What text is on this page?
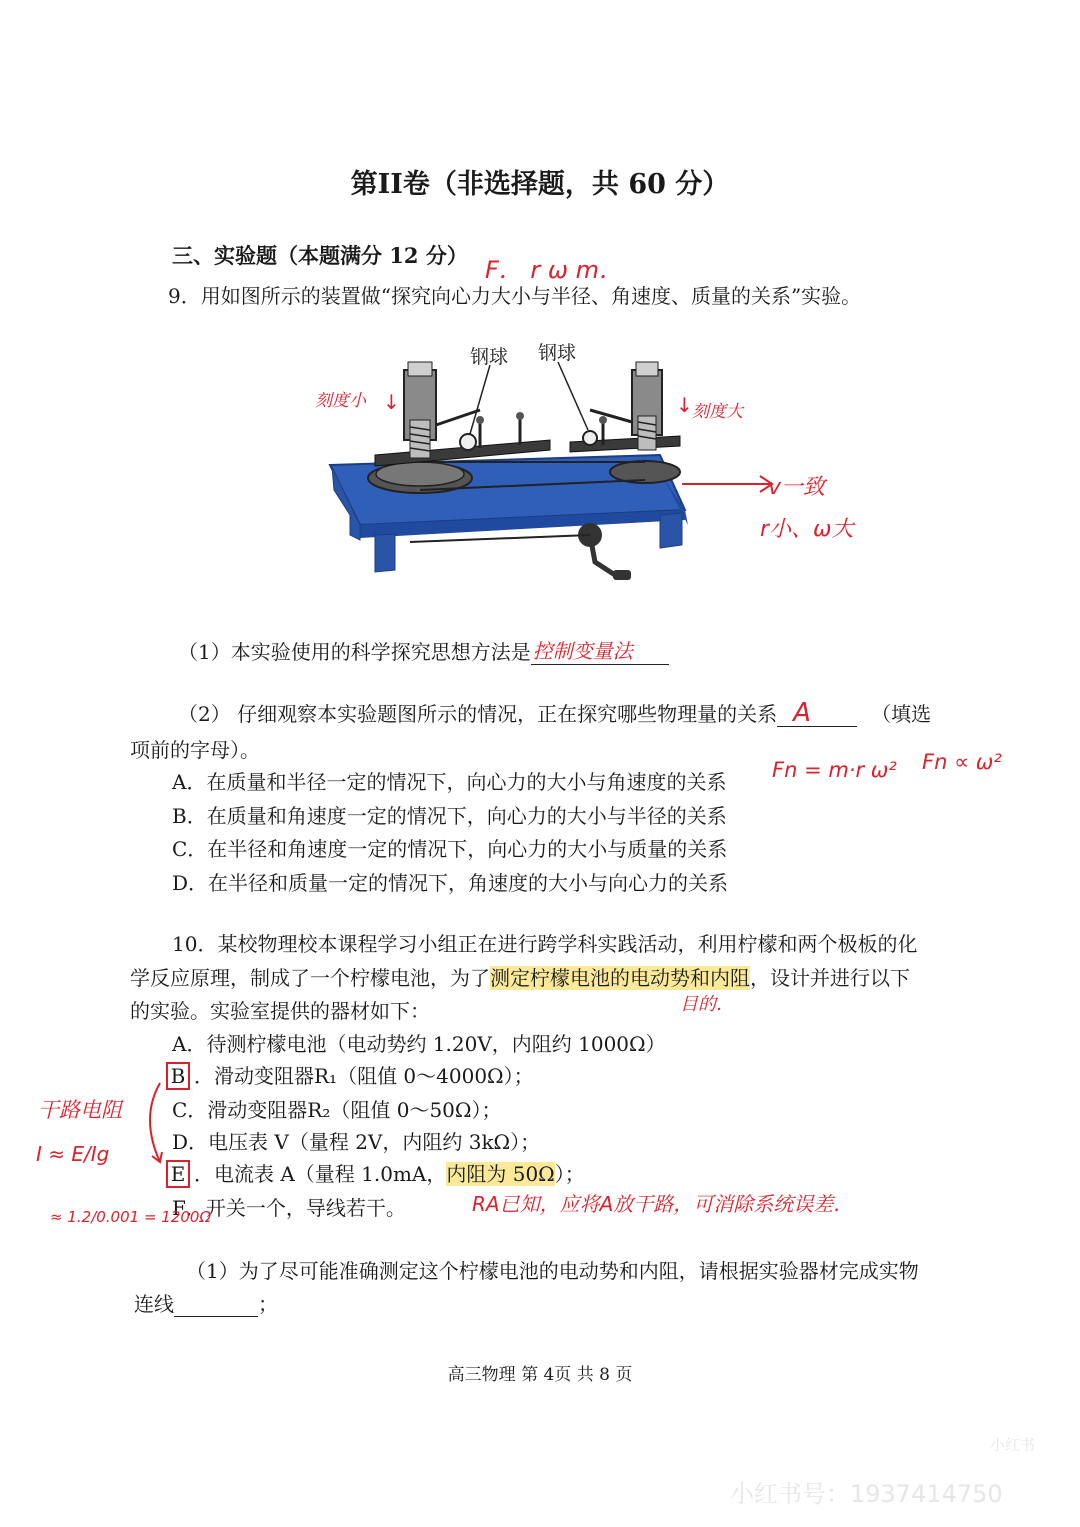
第II卷（非选择题，共 60 分）
三、实验题（本题满分 12 分）
F． r ω m．
9．用如图所示的装置做“探究向心力大小与半径、角速度、质量的关系”实验。
钢球 钢球
刻度小 ↓	↓ 刻度大
v一致
r小、ω大
（1）本实验使用的科学探究思想方法是 控制变量法
（2） 仔细观察本实验题图所示的情况，正在探究哪些物理量的关系 A	（填选
项前的字母）。
A．在质量和半径一定的情况下，向心力的大小与角速度的关系
B．在质量和角速度一定的情况下，向心力的大小与半径的关系
C．在半径和角速度一定的情况下，向心力的大小与质量的关系
D．在半径和质量一定的情况下，角速度的大小与向心力的关系
Fn = m·r ω² Fn ∝ ω²
10．某校物理校本课程学习小组正在进行跨学科实践活动，利用柠檬和两个极板的化
学反应原理，制成了一个柠檬电池，为了测定柠檬电池的电动势和内阻，设计并进行以下
目的．
的实验。实验室提供的器材如下：
A．待测柠檬电池（电动势约 1.20V，内阻约 1000Ω）
B ．滑动变阻器R₁（阻值 0～4000Ω）；
C．滑动变阻器R₂（阻值 0～50Ω）；
D．电压表 V（量程 2V，内阻约 3kΩ）；
E ．电流表 A（量程 1.0mA，内阻为 50Ω）；
F．开关一个，导线若干。
干路电阻
I ≈ E/Ig
≈ 1.2/0.001 = 1200Ω
RA已知，应将A放干路，可消除系统误差．
（1）为了尽可能准确测定这个柠檬电池的电动势和内阻，请根据实验器材完成实物
连线	；
高三物理 第 4页 共 8 页
小红书
小红书号：1937414750
